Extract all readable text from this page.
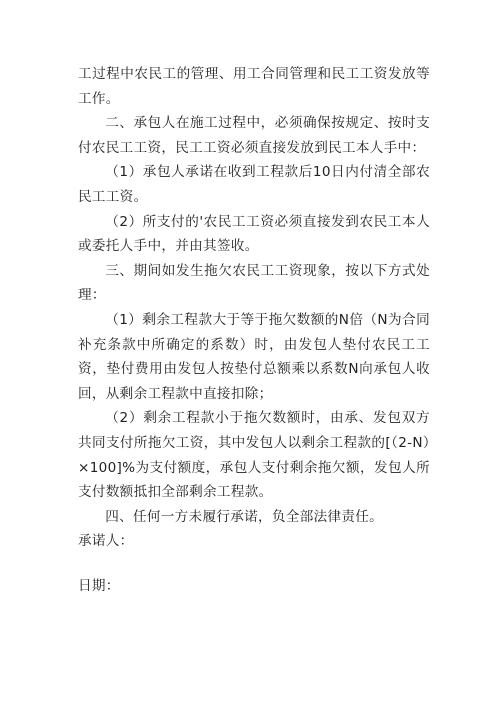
工过程中农民工的管理、用工合同管理和民工工资发放等工作。

二、承包人在施工过程中，必须确保按规定、按时支付农民工工资，民工工资必须直接发放到民工本人手中：

（1）承包人承诺在收到工程款后10日内付清全部农民工工资。

（2）所支付的'农民工工资必须直接发到农民工本人或委托人手中，并由其签收。

三、期间如发生拖欠农民工工资现象，按以下方式处理：

（1）剩余工程款大于等于拖欠数额的N倍（N为合同补充条款中所确定的系数）时，由发包人垫付农民工工资，垫付费用由发包人按垫付总额乘以系数N向承包人收回，从剩余工程款中直接扣除；

（2）剩余工程款小于拖欠数额时，由承、发包双方共同支付所拖欠工资，其中发包人以剩余工程款的[（2-N）×100]%为支付额度，承包人支付剩余拖欠额，发包人所支付数额抵扣全部剩余工程款。

四、任何一方未履行承诺，负全部法律责任。

承诺人：

日期：
